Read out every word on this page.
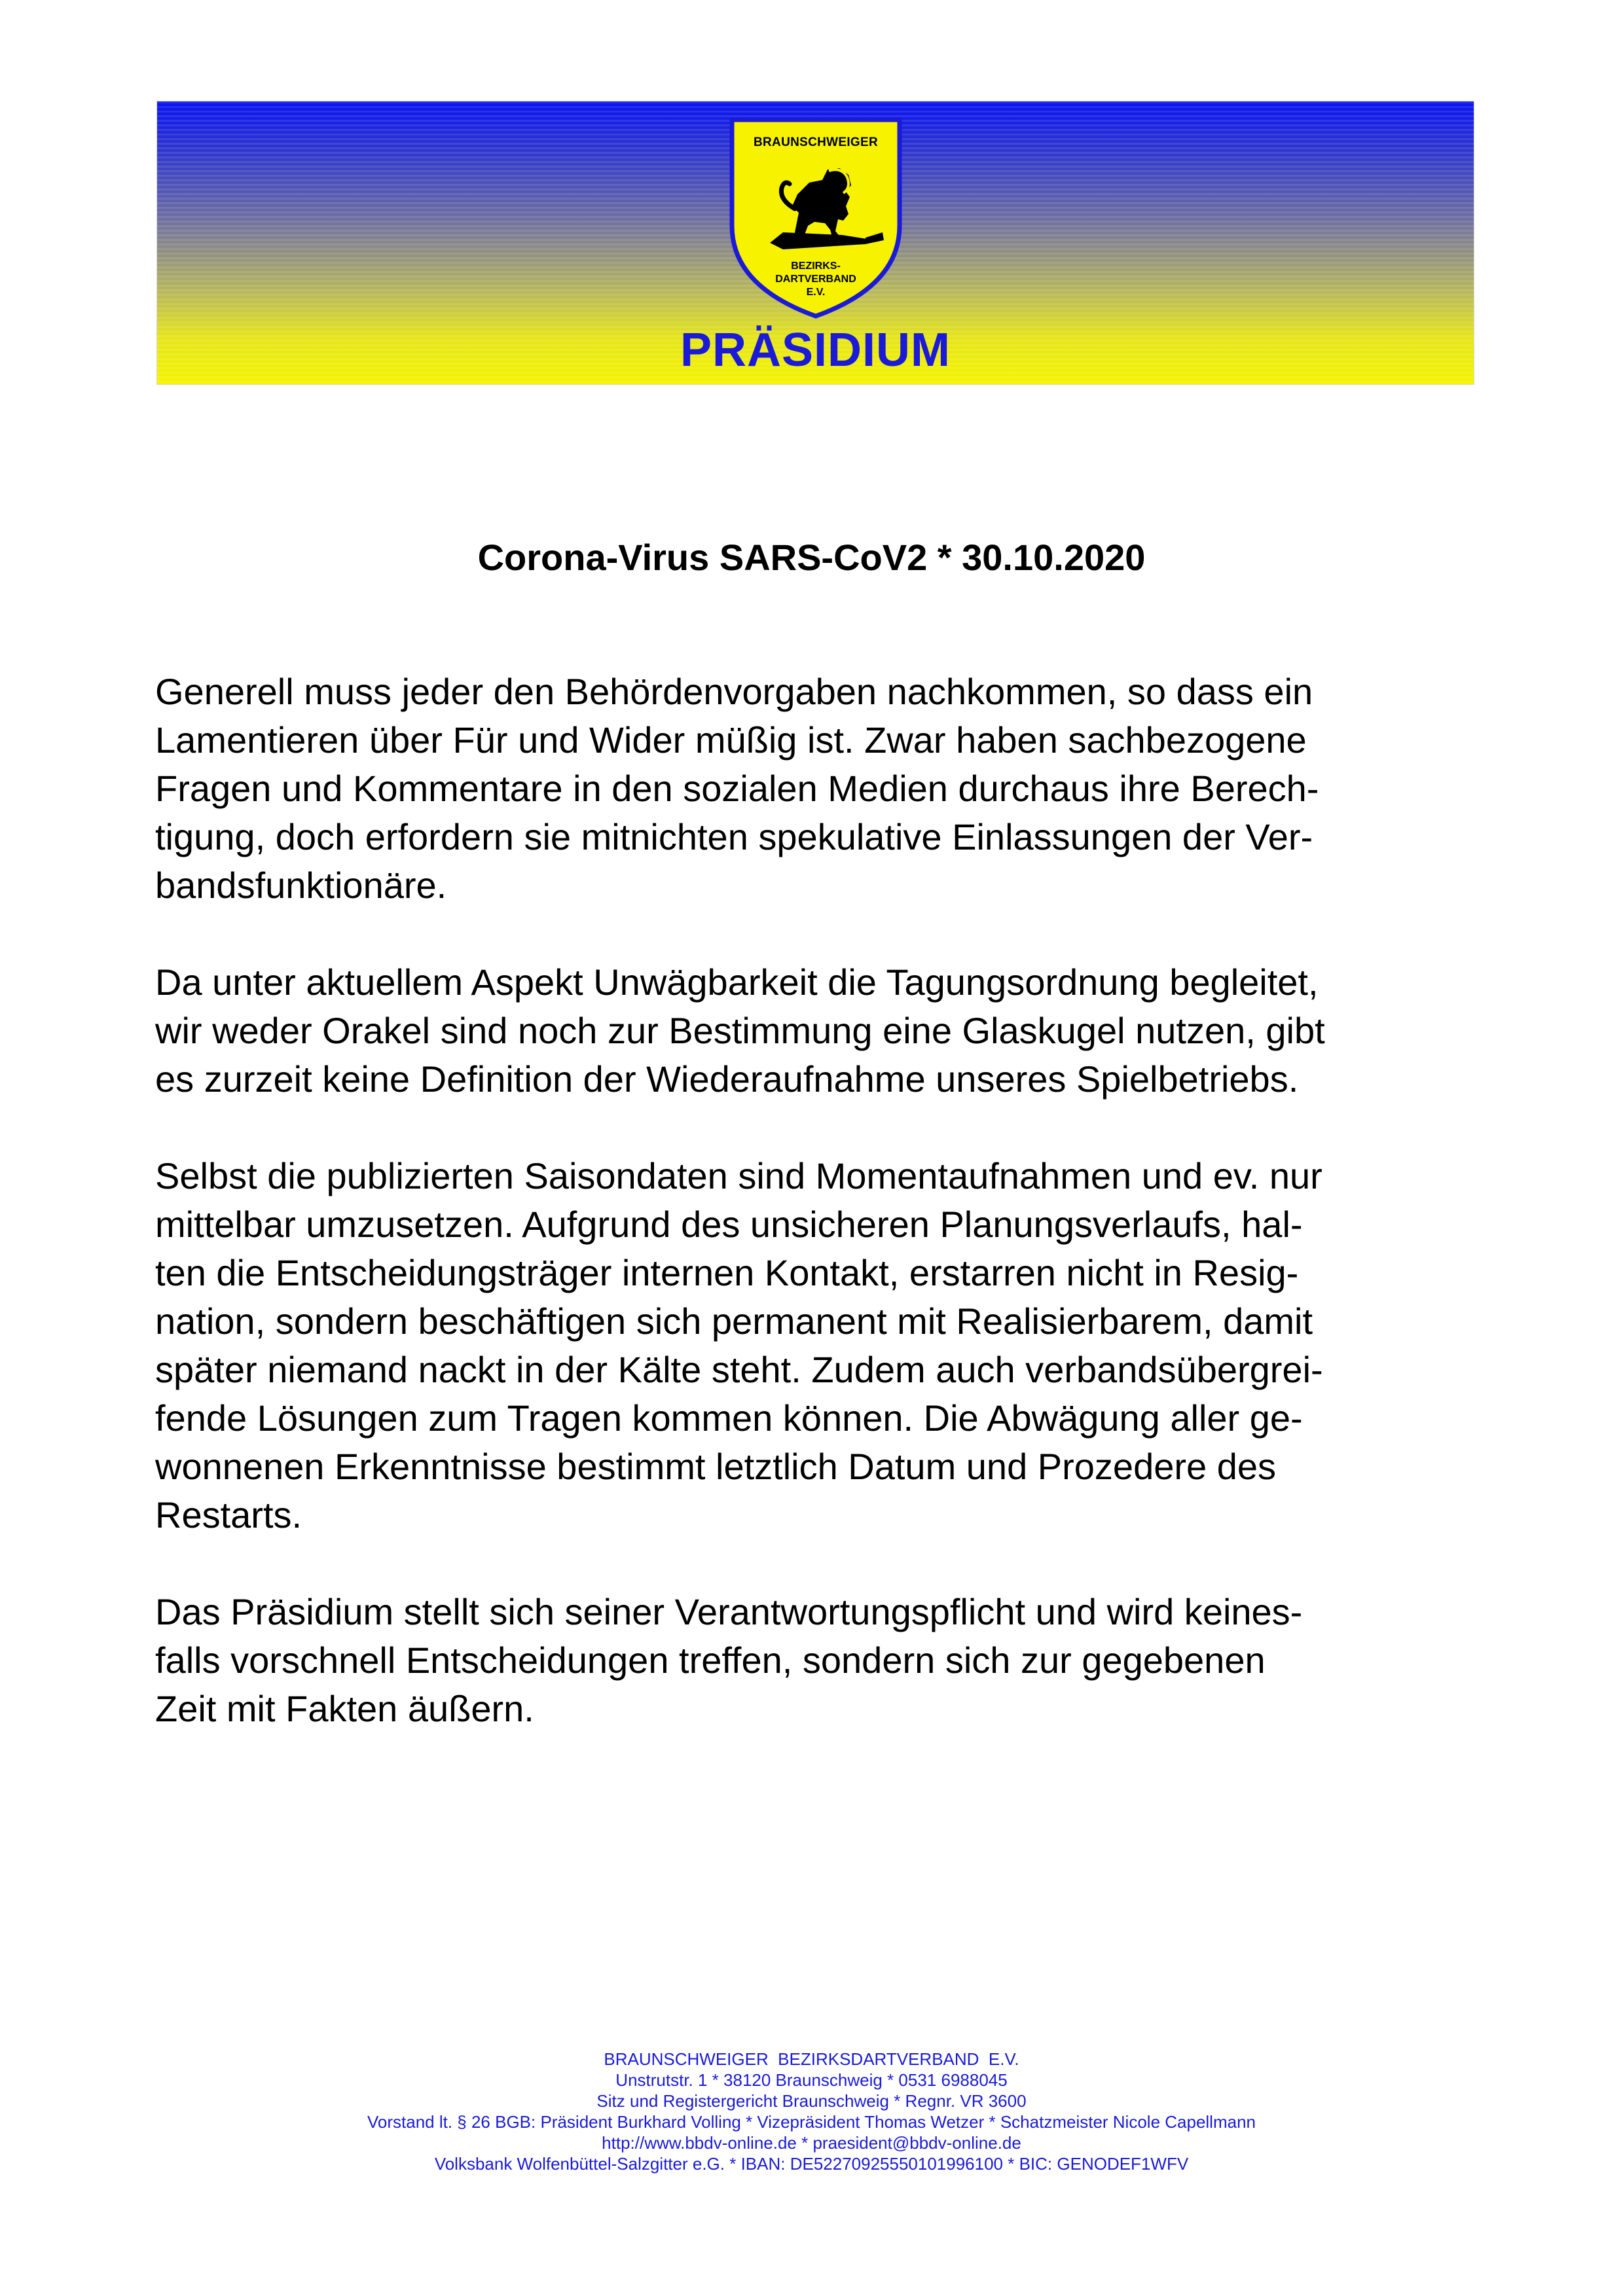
BRAUNSCHWEIGER
BEZIRKS-
DARTVERBAND
E.V.
PRÄSIDIUM
Corona-Virus SARS-CoV2 * 30.10.2020

Generell muss jeder den Behördenvorgaben nachkommen, so dass ein
Lamentieren über Für und Wider müßig ist. Zwar haben sachbezogene
Fragen und Kommentare in den sozialen Medien durchaus ihre Berech-
tigung, doch erfordern sie mitnichten spekulative Einlassungen der Ver-
bandsfunktionäre.

Da unter aktuellem Aspekt Unwägbarkeit die Tagungsordnung begleitet,
wir weder Orakel sind noch zur Bestimmung eine Glaskugel nutzen, gibt
es zurzeit keine Definition der Wiederaufnahme unseres Spielbetriebs.

Selbst die publizierten Saisondaten sind Momentaufnahmen und ev. nur
mittelbar umzusetzen. Aufgrund des unsicheren Planungsverlaufs, hal-
ten die Entscheidungsträger internen Kontakt, erstarren nicht in Resig-
nation, sondern beschäftigen sich permanent mit Realisierbarem, damit
später niemand nackt in der Kälte steht. Zudem auch verbandsübergrei-
fende Lösungen zum Tragen kommen können. Die Abwägung aller ge-
wonnenen Erkenntnisse bestimmt letztlich Datum und Prozedere des
Restarts.

Das Präsidium stellt sich seiner Verantwortungspflicht und wird keines-
falls vorschnell Entscheidungen treffen, sondern sich zur gegebenen
Zeit mit Fakten äußern.

BRAUNSCHWEIGER  BEZIRKSDARTVERBAND  E.V.
Unstrutstr. 1 * 38120 Braunschweig * 0531 6988045
Sitz und Registergericht Braunschweig * Regnr. VR 3600
Vorstand lt. § 26 BGB: Präsident Burkhard Volling * Vizepräsident Thomas Wetzer * Schatzmeister Nicole Capellmann
http://www.bbdv-online.de * praesident@bbdv-online.de
Volksbank Wolfenbüttel-Salzgitter e.G. * IBAN: DE52270925550101996100 * BIC: GENODEF1WFV
